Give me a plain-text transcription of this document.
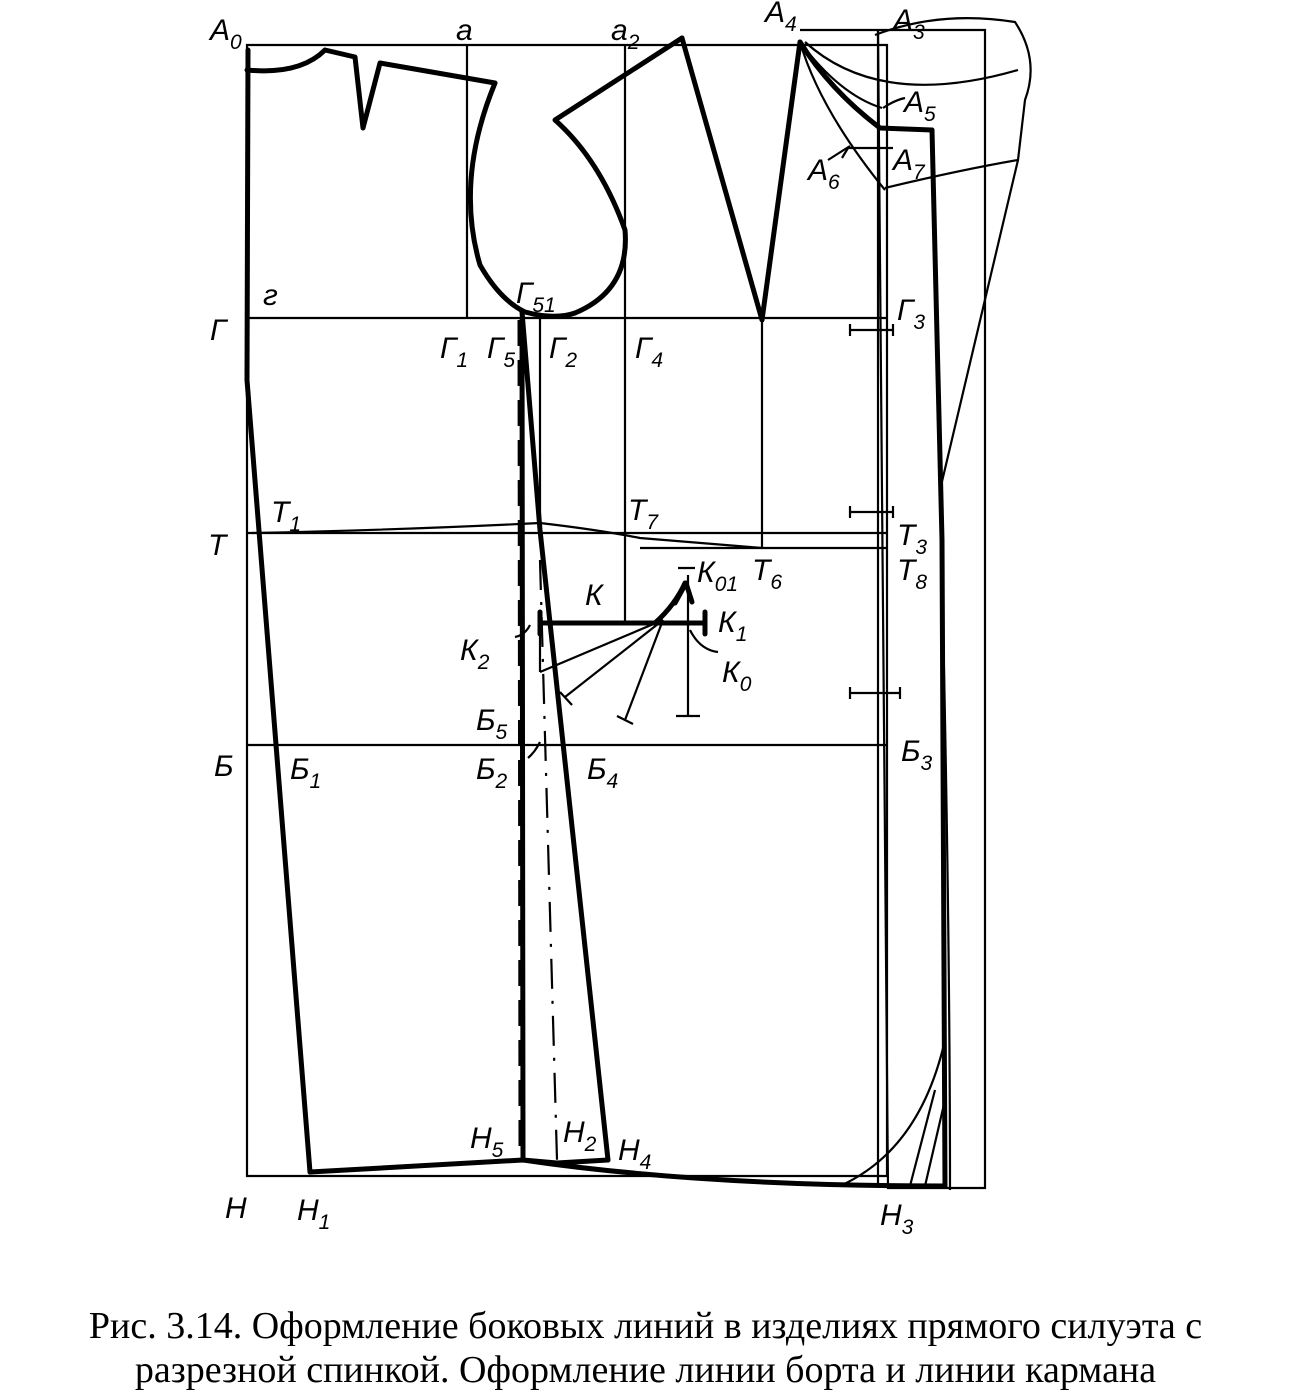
$A_0$	a	$a_2$
$A_4$	$A_3$
$A_5$
$A_6$
$A_7$
г
Г
$Г_1$ $Г_5$
$Г_{51}$
$Г_2$ $Г_4$
$Г_3$
Т
$Т_1$	$Т_7$	$Т_3$
$Т_8$
$Т_6$
$К_{01}$
К
$К_1$
$К_2$	$К_0$
$Б_5$
Б $Б_1$	$Б_2$	$Б_4$
$Б_3$
$Н_5$
$Н_2$ $Н_4$
Н $Н_1$	$Н_3$
Рис. 3.14. Оформление боковых линий в изделиях прямого силуэта с
разрезной спинкой. Оформление линии борта и линии кармана
